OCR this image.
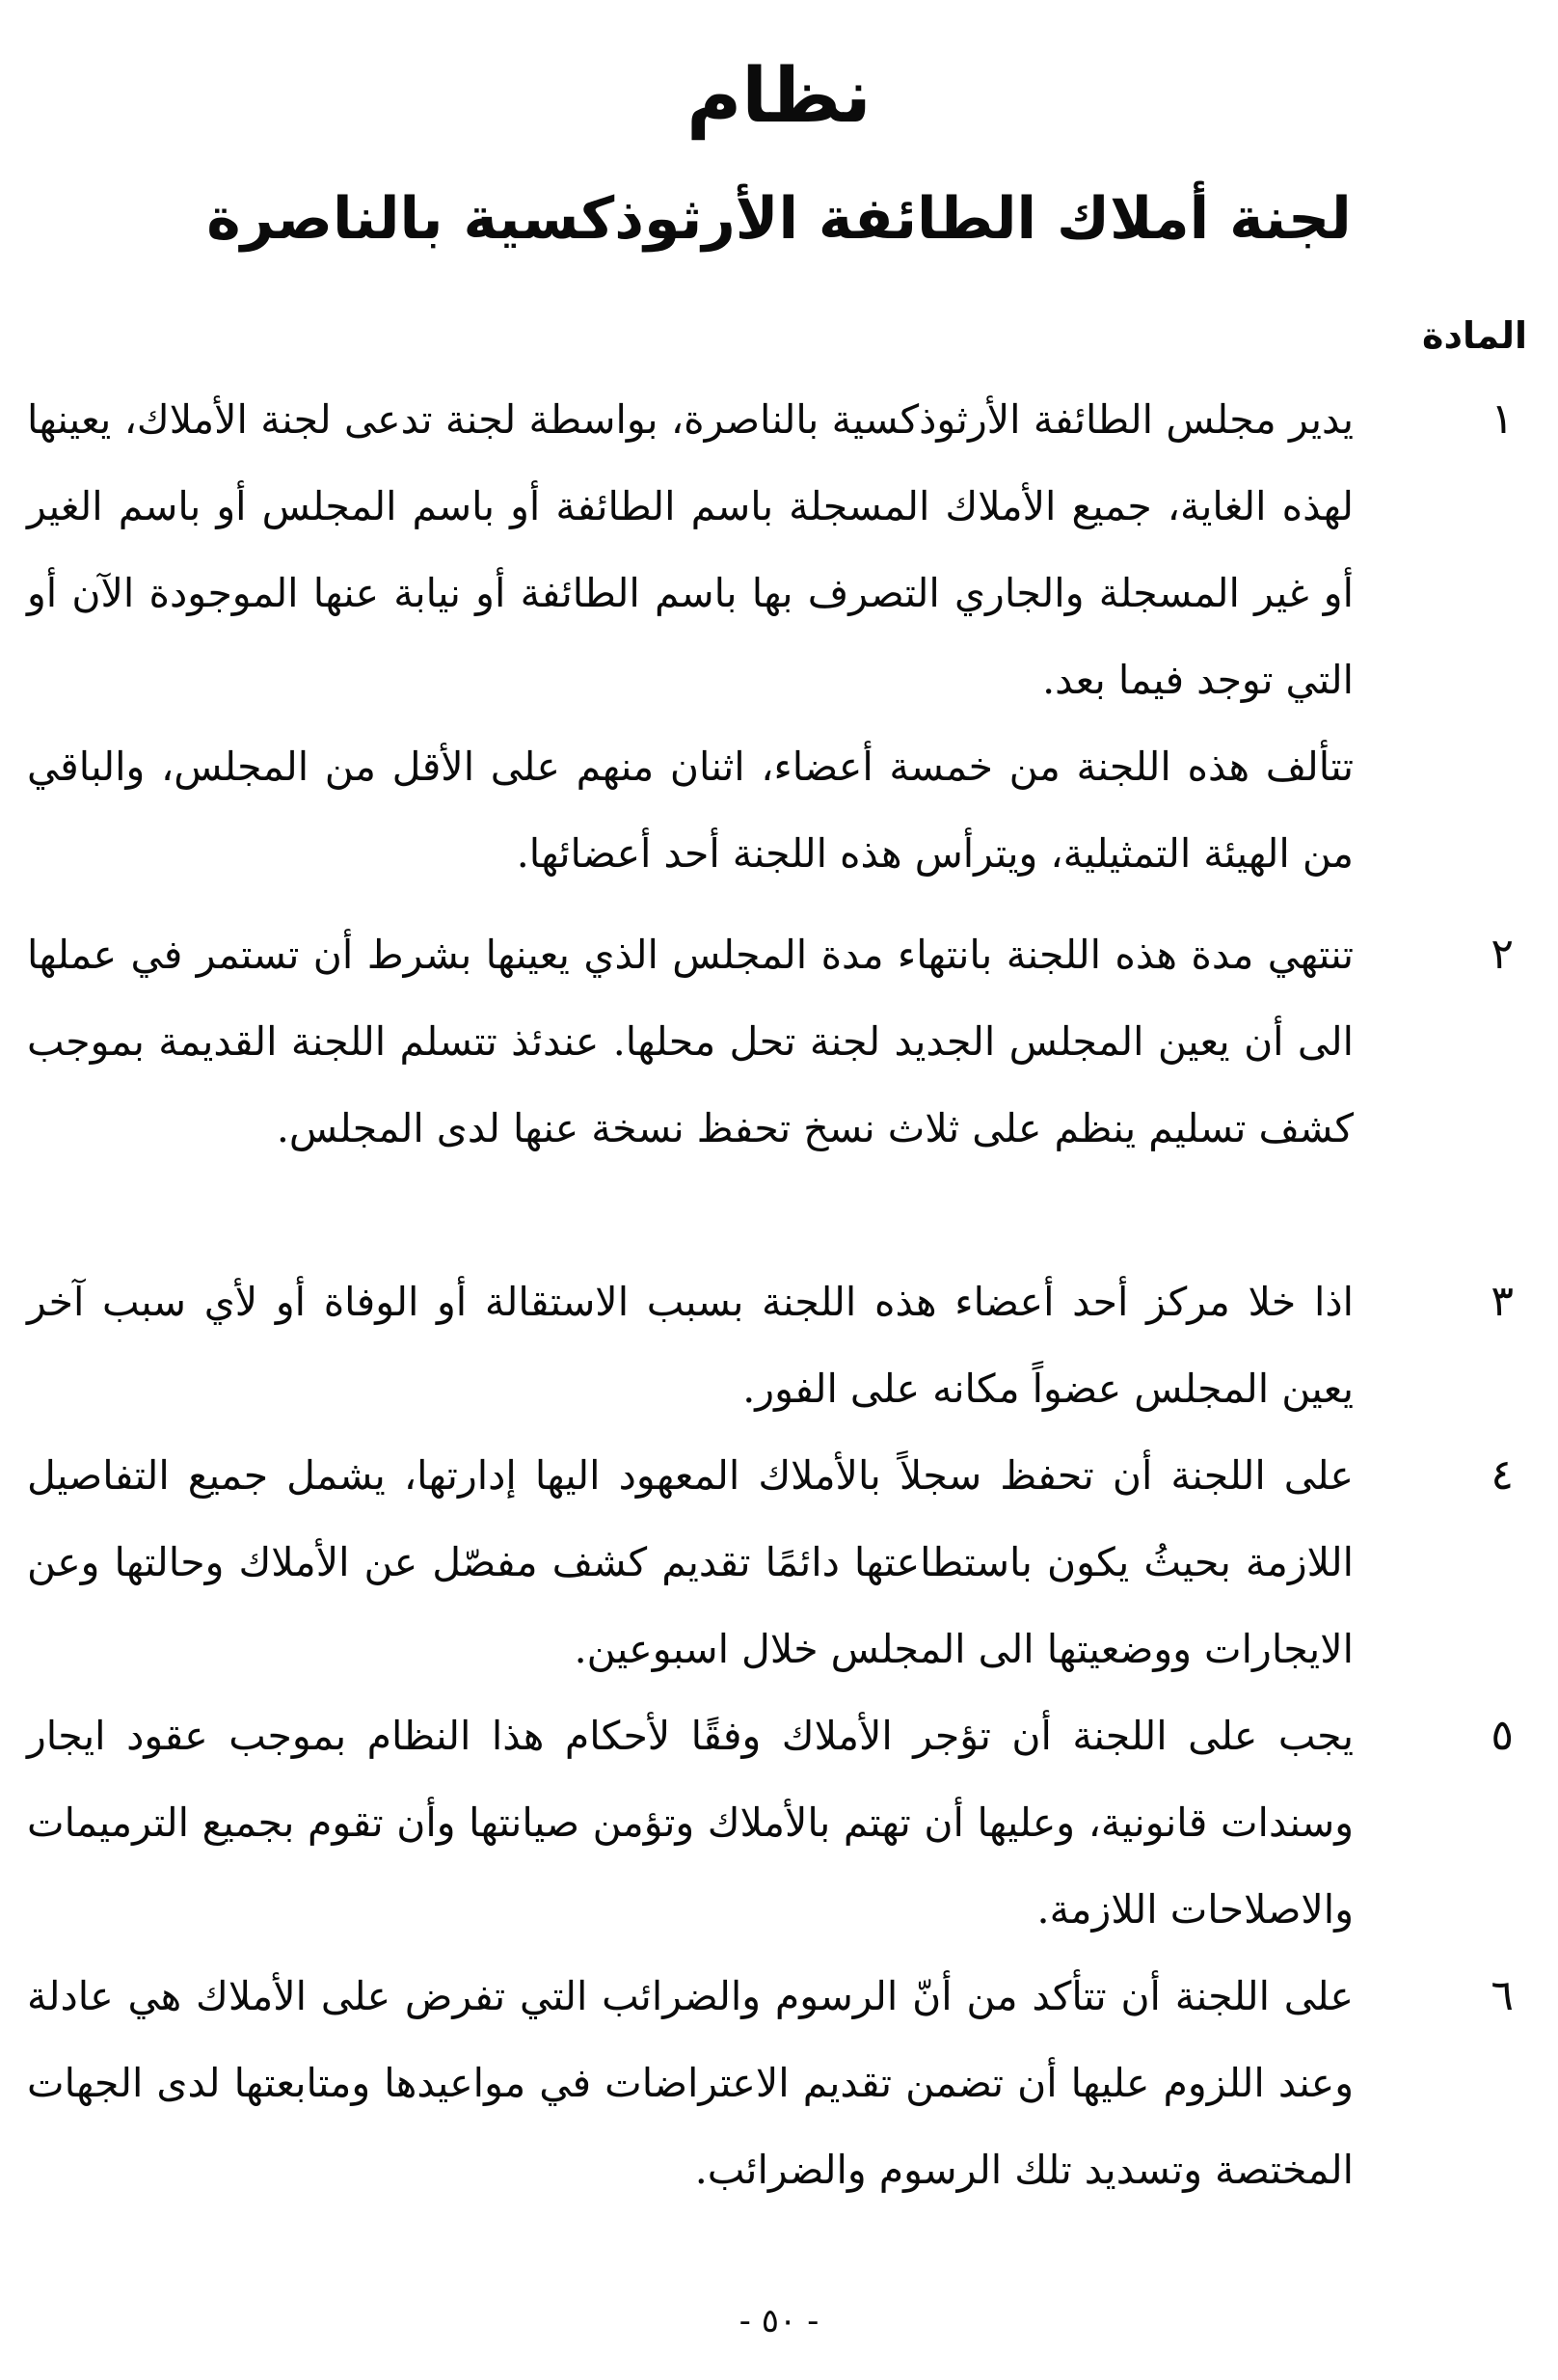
نظام
لجنة أملاك الطائفة الأرثوذكسية بالناصرة
المادة
١

يدير مجلس الطائفة الأرثوذكسية بالناصرة، بواسطة لجنة تدعى لجنة الأملاك، يعينها لهذه الغاية، جميع الأملاك المسجلة باسم الطائفة أو باسم المجلس أو باسم الغير أو غير المسجلة والجاري التصرف بها باسم الطائفة أو نيابة عنها الموجودة الآن أو التي توجد فيما بعد.

تتألف هذه اللجنة من خمسة أعضاء، اثنان منهم على الأقل من المجلس، والباقي من الهيئة التمثيلية، ويترأس هذه اللجنة أحد أعضائها.

٢

تنتهي مدة هذه اللجنة بانتهاء مدة المجلس الذي يعينها بشرط أن تستمر في عملها الى أن يعين المجلس الجديد لجنة تحل محلها. عندئذ تتسلم اللجنة القديمة بموجب كشف تسليم ينظم على ثلاث نسخ تحفظ نسخة عنها لدى المجلس.

٣

اذا خلا مركز أحد أعضاء هذه اللجنة بسبب الاستقالة أو الوفاة أو لأي سبب آخر يعين المجلس عضواً مكانه على الفور.

٤

على اللجنة أن تحفظ سجلاً بالأملاك المعهود اليها إدارتها، يشمل جميع التفاصيل اللازمة بحيثُ يكون باستطاعتها دائمًا تقديم كشف مفصّل عن الأملاك وحالتها وعن الايجارات ووضعيتها الى المجلس خلال اسبوعين.

٥

يجب على اللجنة أن تؤجر الأملاك وفقًا لأحكام هذا النظام بموجب عقود ايجار وسندات قانونية، وعليها أن تهتم بالأملاك وتؤمن صيانتها وأن تقوم بجميع الترميمات والاصلاحات اللازمة.

٦

على اللجنة أن تتأكد من أنّ الرسوم والضرائب التي تفرض على الأملاك هي عادلة وعند اللزوم عليها أن تضمن تقديم الاعتراضات في مواعيدها ومتابعتها لدى الجهات المختصة وتسديد تلك الرسوم والضرائب.

- ٥٠ -
